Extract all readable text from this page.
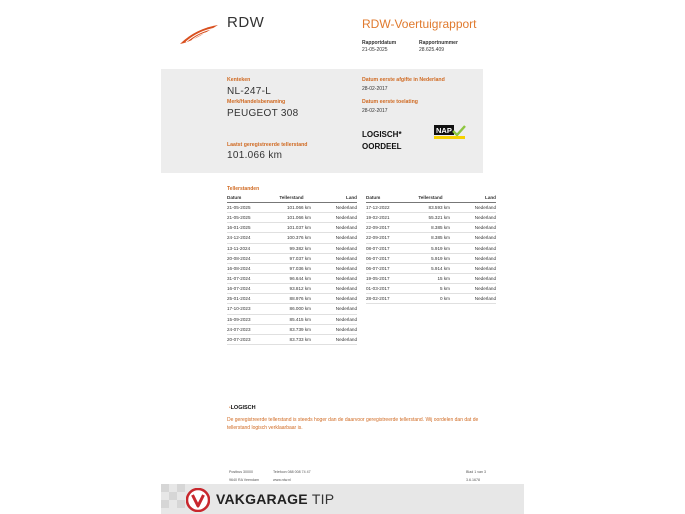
RDW	RDW-Voertuigrapport
Rapportdatum
21-05-2025
Rapportnummer
28.625.409
Kenteken
NL-247-L
Merk/Handelsbenaming
PEUGEOT 308
Laatst geregistreerde tellerstand
101.066 km
Datum eerste afgifte in Nederland
28-02-2017
Datum eerste toelating
28-02-2017
LOGISCH*
OORDEEL
NAP
Tellerstanden
Datum	Tellerstand	Land
21-05-2025	101.066 km	Nederland
21-05-2025	101.066 km	Nederland
16-01-2025	101.037 km	Nederland
24-12-2024	100.376 km	Nederland
13-11-2024	99.382 km	Nederland
20-08-2024	97.037 km	Nederland
16-08-2024	97.036 km	Nederland
31-07-2024	96.644 km	Nederland
16-07-2024	93.812 km	Nederland
25-01-2024	88.976 km	Nederland
17-10-2023	86.000 km	Nederland
15-09-2023	85.415 km	Nederland
24-07-2023	83.739 km	Nederland
20-07-2023	83.733 km	Nederland
Datum	Tellerstand	Land
17-12-2022	83.593 km	Nederland
19-02-2021	55.321 km	Nederland
22-09-2017	8.385 km	Nederland
22-09-2017	8.385 km	Nederland
08-07-2017	5.919 km	Nederland
06-07-2017	5.919 km	Nederland
06-07-2017	5.914 km	Nederland
19-05-2017	15 km	Nederland
01-03-2017	5 km	Nederland
28-02-2017	0 km	Nederland
*LOGISCH
De geregistreerde tellerstand is steeds hoger dan de daarvoor geregistreerde tellerstand. Wij oordelen dan dat de tellerstand logisch verklaarbaar is.
Postbus 30000
9640 RA Veendam
Telefoon 088 008 74 47
www.rdw.nl
Blad 1 van 3
3.6.1678
VAKGARAGE TIP
